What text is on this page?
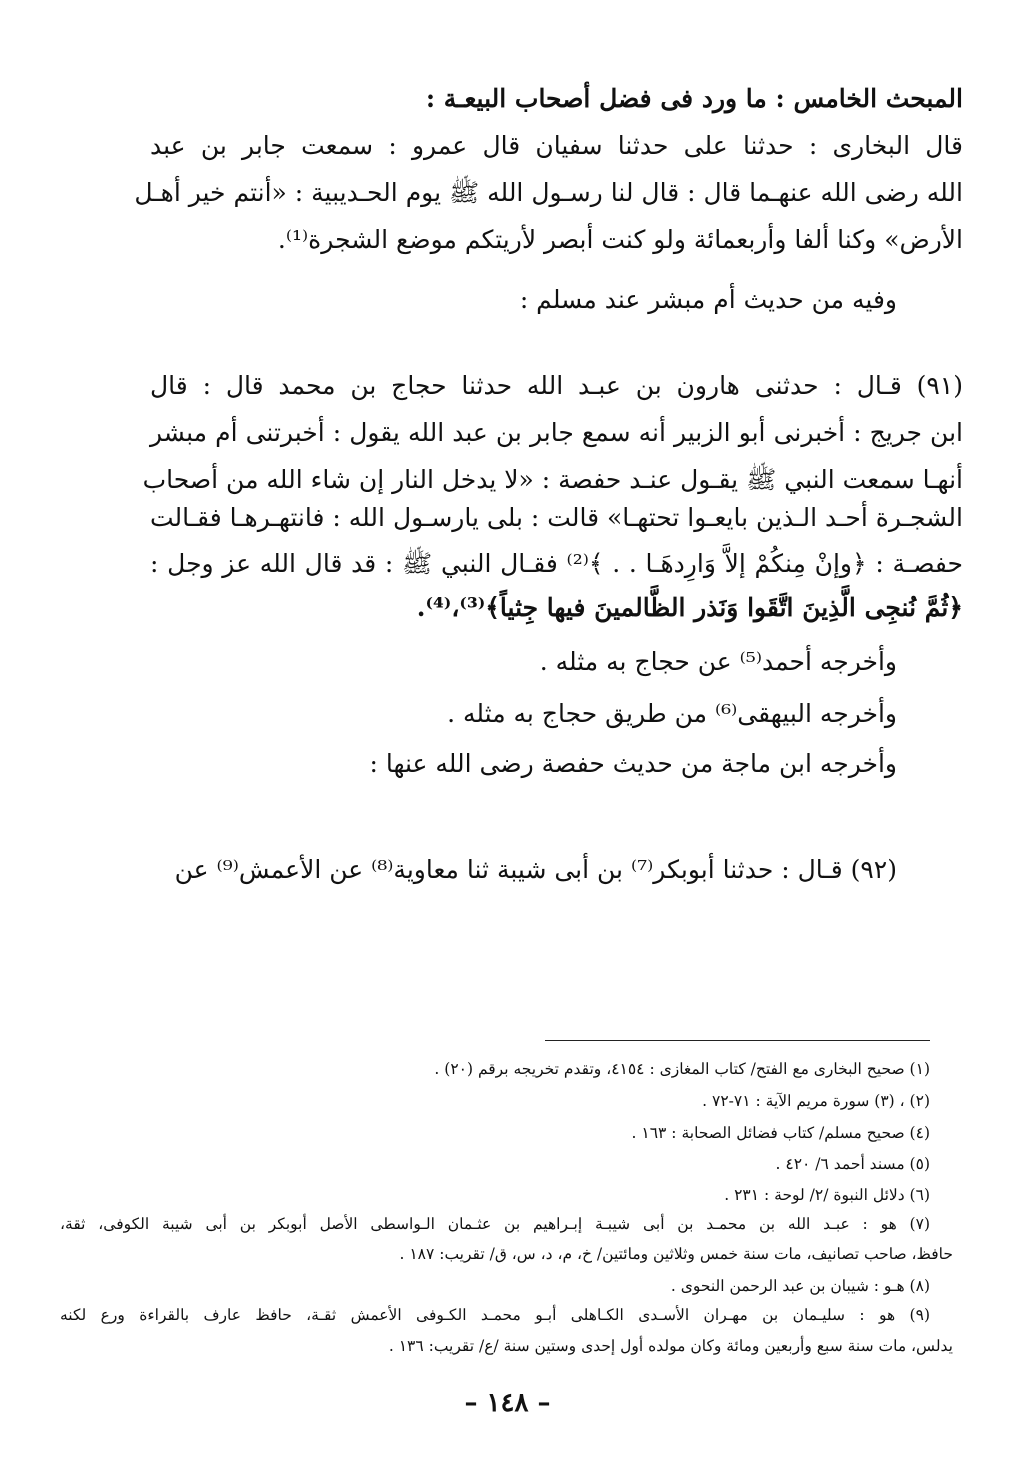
المبحث الخامس : ما ورد فى فضل أصحاب البيعـة :
قال البخارى : حدثنا على حدثنا سفيان قال عمرو : سمعت جابر بن عبد
الله رضى الله عنهـما قال : قال لنا رسـول الله ﷺ يوم الحـديبية : «أنتم خير أهـل
الأرض» وكنا ألفا وأربعمائة ولو كنت أبصر لأريتكم موضع الشجرة⁽¹⁾.
وفيه من حديث أم مبشر عند مسلم :
(٩١) قـال : حدثنى هارون بن عبـد الله حدثنا حجاج بن محمد قال : قال
ابن جريج : أخبرنى أبو الزبير أنه سمع جابر بن عبد الله يقول : أخبرتنى أم مبشر
أنهـا سمعت النبي ﷺ يقـول عنـد حفصة : «لا يدخل النار إن شاء الله من أصحاب
الشجـرة أحـد الـذين بايعـوا تحتهـا» قالت : بلى يارسـول الله : فانتهـرهـا فقـالت
حفصـة : ﴿وإنْ مِنكُمْ إلاَّ وَارِدهَـا . . ﴾⁽²⁾ فقـال النبي ﷺ : قد قال الله عز وجل :
﴿ثُمَّ نُنجِى الَّذِينَ اتَّقَوا وَنَذر الظَّالمينَ فيها جِثياً﴾⁽³⁾،⁽⁴⁾.
وأخرجه أحمد⁽⁵⁾ عن حجاج به مثله .
وأخرجه البيهقى⁽⁶⁾ من طريق حجاج به مثله .
وأخرجه ابن ماجة من حديث حفصة رضى الله عنها :
(٩٢) قـال : حدثنا أبوبكر⁽⁷⁾ بن أبى شيبة ثنا معاوية⁽⁸⁾ عن الأعمش⁽⁹⁾ عن
(١) صحيح البخارى مع الفتح/ كتاب المغازى : ٤١٥٤، وتقدم تخريجه برقم (٢٠) .
(٢) ، (٣) سورة مريم الآية : ٧١-٧٢ .
(٤) صحيح مسلم/ كتاب فضائل الصحابة : ١٦٣ .
(٥) مسند أحمد ٦/ ٤٢٠ .
(٦) دلائل النبوة /٢/ لوحة : ٢٣١ .
(٧) هو : عبـد الله بن محمـد بن أبى شيبـة إبـراهيم بن عثـمان الـواسطى الأصل أبوبكر بن أبى شيبة الكوفى، ثقة،
حافظ، صاحب تصانيف، مات سنة خمس وثلاثين ومائتين/ خ، م، د، س، ق/ تقريب: ١٨٧ .
(٨) هـو : شيبان بن عبد الرحمن النحوى .
(٩) هو : سليـمان بن مهـران الأسـدى الكـاهلى أبـو محمـد الكـوفى الأعمش ثقـة، حافظ عارف بالقراءة ورع لكنه
يدلس، مات سنة سبع وأربعين ومائة وكان مولده أول إحدى وستين سنة /ع/ تقريب: ١٣٦ .
– ١٤٨ –
